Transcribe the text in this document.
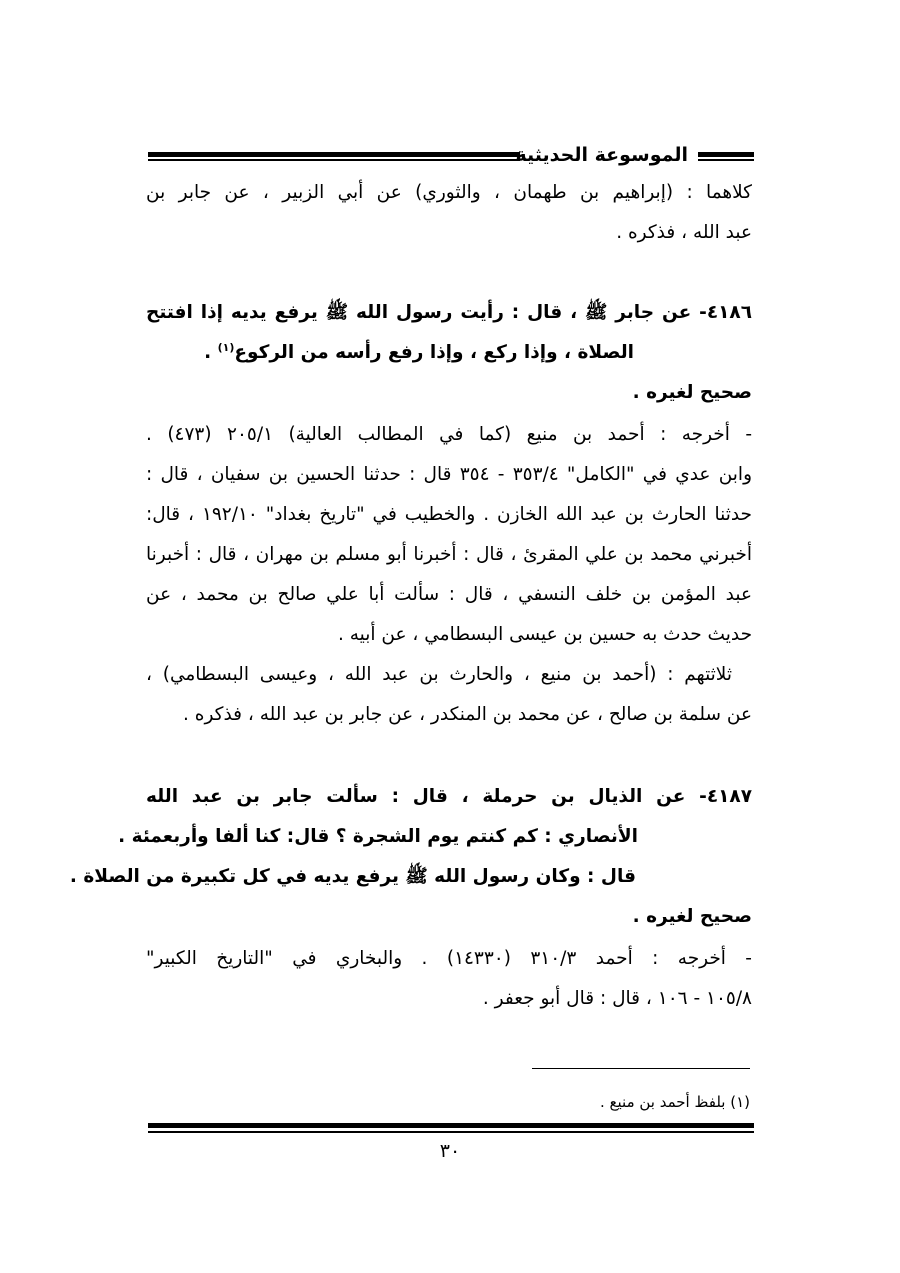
الموسوعة الحديثية
كلاهما : (إبراهيم بن طهمان ، والثوري) عن أبي الزبير ، عن جابر بن
عبد الله ، فذكره .
٤١٨٦- عن جابر ﷺ ، قال : رأيت رسول الله ﷺ يرفع يديه إذا افتتح
الصلاة ، وإذا ركع ، وإذا رفع رأسه من الركوع$^{(١)}$ .
صحيح لغيره .
- أخرجه : أحمد بن منيع (كما في المطالب العالية) ٢٠٥/١ (٤٧٣) .
وابن عدي في "الكامل" ٣٥٣/٤ - ٣٥٤ قال : حدثنا الحسين بن سفيان ، قال :
حدثنا الحارث بن عبد الله الخازن . والخطيب في "تاريخ بغداد" ١٩٢/١٠ ، قال:
أخبرني محمد بن علي المقرئ ، قال : أخبرنا أبو مسلم بن مهران ، قال : أخبرنا
عبد المؤمن بن خلف النسفي ، قال : سألت أبا علي صالح بن محمد ، عن
حديث حدث به حسين بن عيسى البسطامي ، عن أبيه .
ثلاثتهم : (أحمد بن منيع ، والحارث بن عبد الله ، وعيسى البسطامي) ،
عن سلمة بن صالح ، عن محمد بن المنكدر ، عن جابر بن عبد الله ، فذكره .
٤١٨٧- عن الذيال بن حرملة ، قال : سألت جابر بن عبد الله
الأنصاري : كم كنتم يوم الشجرة ؟ قال: كنا ألفا وأربعمئة .
قال : وكان رسول الله ﷺ يرفع يديه في كل تكبيرة من الصلاة .
صحيح لغيره .
- أخرجه : أحمد ٣١٠/٣ (١٤٣٣٠) . والبخاري في "التاريخ الكبير"
١٠٥/٨ - ١٠٦ ، قال : قال أبو جعفر .
(١) بلفظ أحمد بن منيع .
٣٠
